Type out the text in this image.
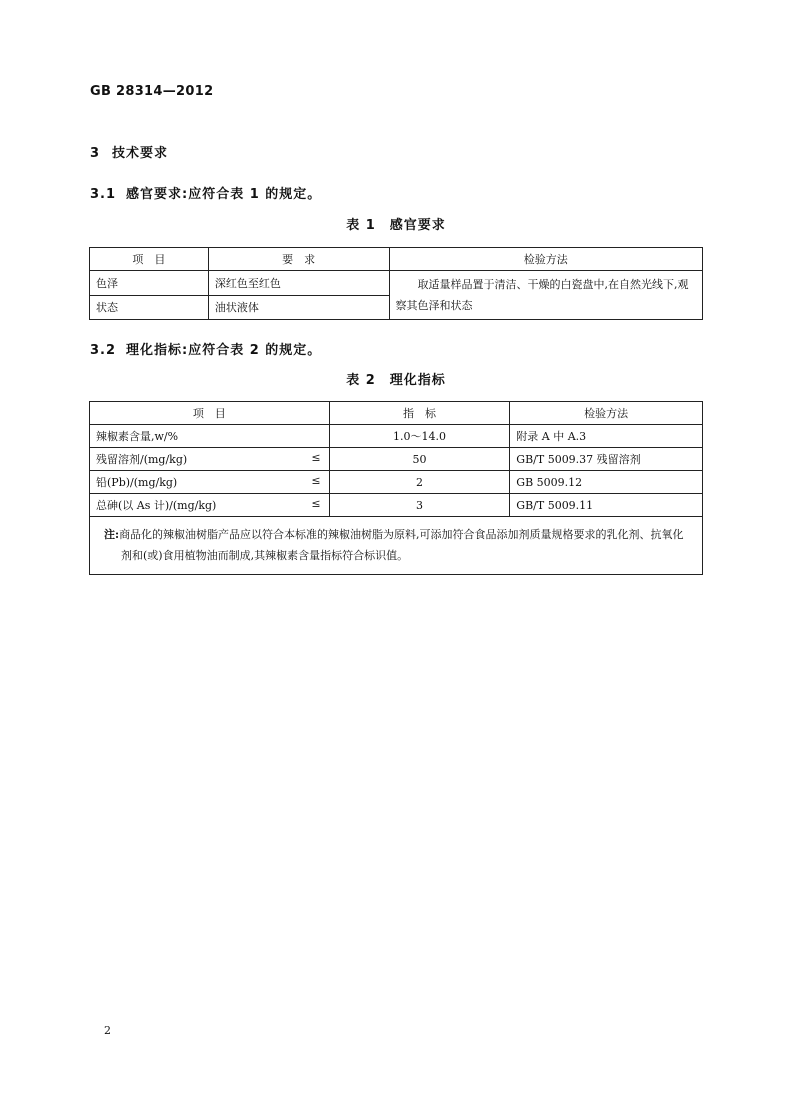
GB 28314—2012
3 技术要求
3.1 感官要求:应符合表 1 的规定。
表 1　感官要求
项　目	要　求	检验方法
色泽	深红色至红色	取适量样品置于清洁、干燥的白瓷盘中,在自然光线下,观察其色泽和状态
状态	油状液体	
3.2 理化指标:应符合表 2 的规定。
表 2　理化指标
项　目	指　标	检验方法
辣椒素含量,w/%	1.0～14.0	附录 A 中 A.3
残留溶剂/(mg/kg) ≤	50	GB/T 5009.37 残留溶剂
铅(Pb)/(mg/kg) ≤	2	GB 5009.12
总砷(以 As 计)/(mg/kg) ≤	3	GB/T 5009.11

注:商品化的辣椒油树脂产品应以符合本标准的辣椒油树脂为原料,可添加符合食品添加剂质量规格要求的乳化剂、抗氧化剂和(或)食用植物油而制成,其辣椒素含量指标符合标识值。		
2
